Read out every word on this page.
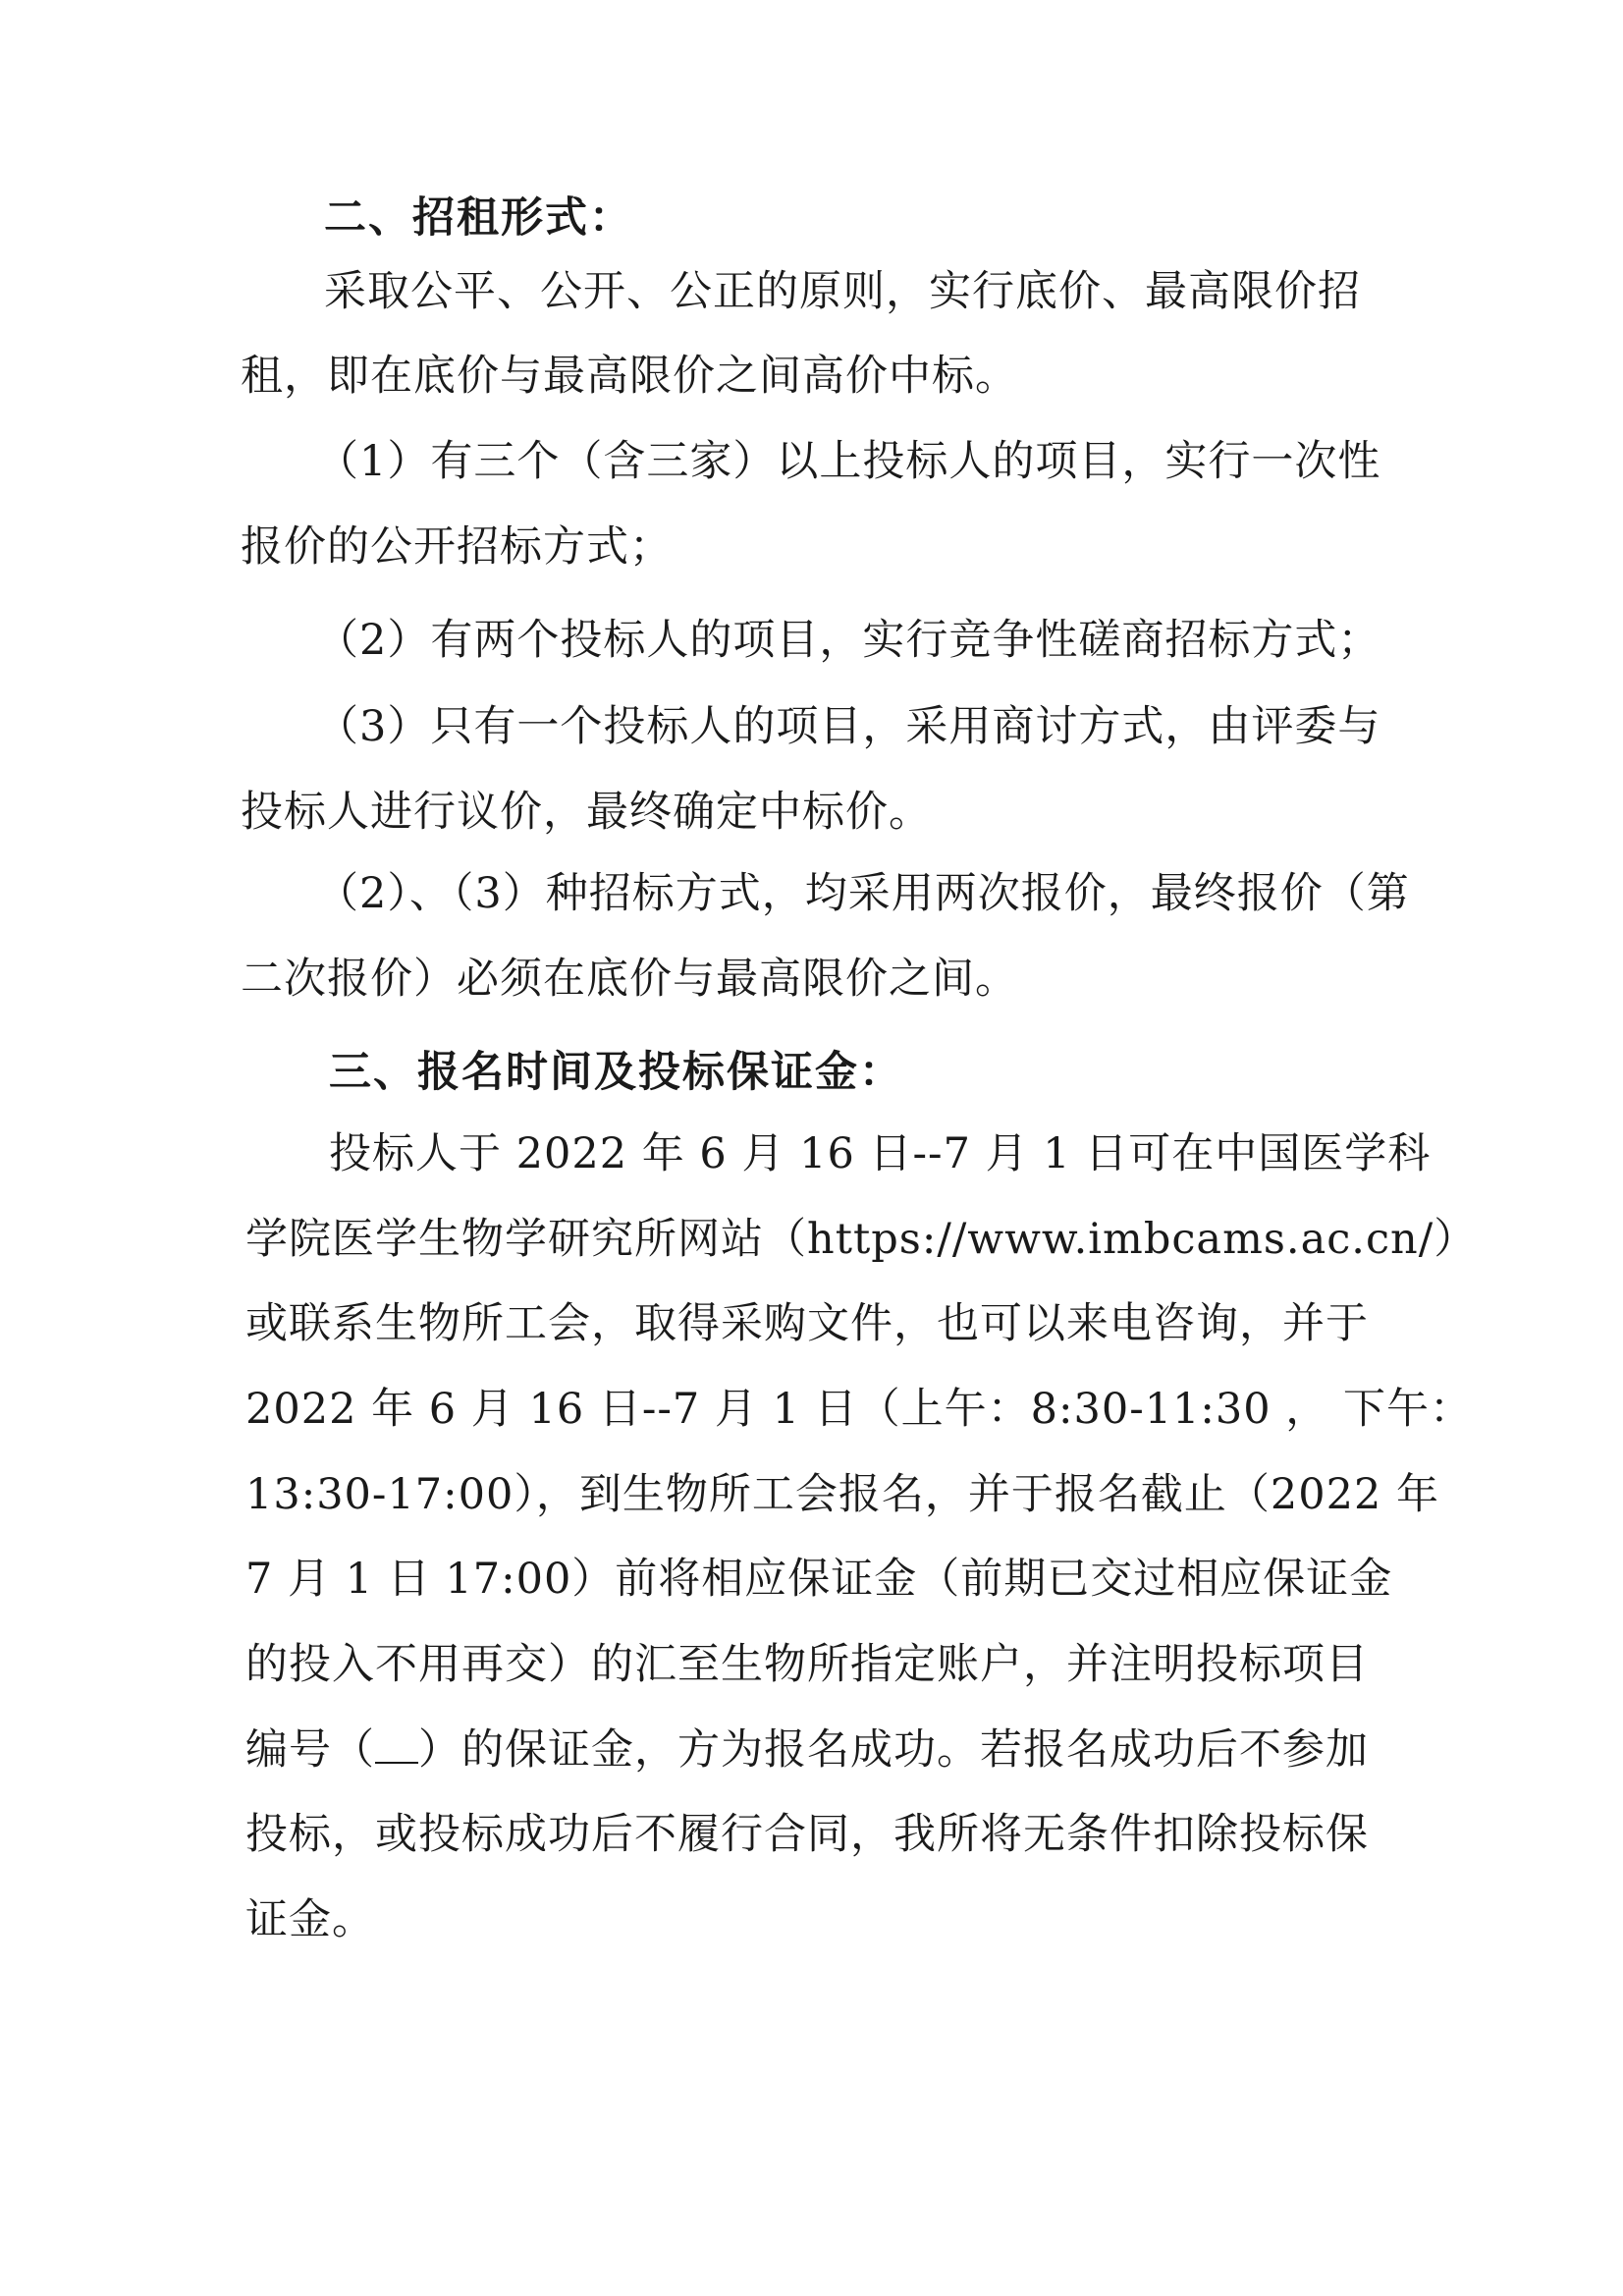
二、招租形式：
采取公平、公开、公正的原则，实行底价、最高限价招
租，即在底价与最高限价之间高价中标。
（1）有三个（含三家）以上投标人的项目，实行一次性
报价的公开招标方式；
（2）有两个投标人的项目，实行竞争性磋商招标方式；
（3）只有一个投标人的项目，采用商讨方式，由评委与
投标人进行议价，最终确定中标价。
（2）、（3）种招标方式，均采用两次报价，最终报价（第
二次报价）必须在底价与最高限价之间。
三、报名时间及投标保证金：
投标人于 2022 年 6 月 16 日--7 月 1 日可在中国医学科
学院医学生物学研究所网站（https://www.imbcams.ac.cn/）
或联系生物所工会，取得采购文件，也可以来电咨询，并于
2022 年 6 月 16 日--7 月 1 日（上午：8:30-11:30 ， 下午：
13:30-17:00），到生物所工会报名，并于报名截止（2022 年
7 月 1 日 17:00）前将相应保证金（前期已交过相应保证金
的投入不用再交）的汇至生物所指定账户，并注明投标项目
编号（ ）的保证金，方为报名成功。若报名成功后不参加
投标，或投标成功后不履行合同，我所将无条件扣除投标保
证金。
